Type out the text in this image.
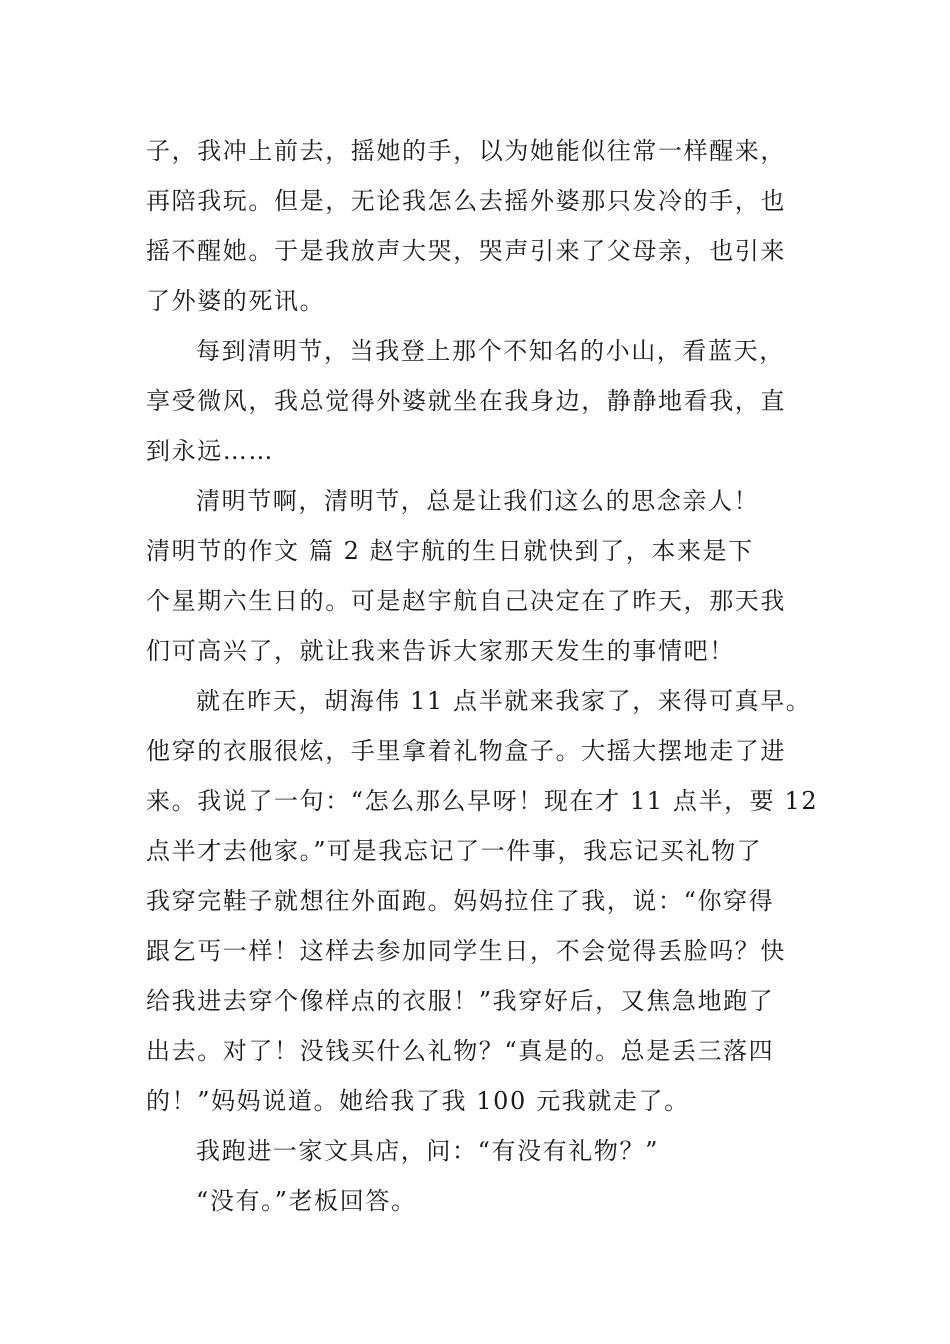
子，我冲上前去，摇她的手，以为她能似往常一样醒来，
再陪我玩。但是，无论我怎么去摇外婆那只发冷的手，也
摇不醒她。于是我放声大哭，哭声引来了父母亲，也引来
了外婆的死讯。
每到清明节，当我登上那个不知名的小山，看蓝天，
享受微风，我总觉得外婆就坐在我身边，静静地看我，直
到永远……
清明节啊，清明节，总是让我们这么的思念亲人！
清明节的作文 篇 2 赵宇航的生日就快到了，本来是下
个星期六生日的。可是赵宇航自己决定在了昨天，那天我
们可高兴了，就让我来告诉大家那天发生的事情吧！
就在昨天，胡海伟 11 点半就来我家了，来得可真早。
他穿的衣服很炫，手里拿着礼物盒子。大摇大摆地走了进
来。我说了一句：“怎么那么早呀！现在才 11 点半，要 12
点半才去他家。”可是我忘记了一件事，我忘记买礼物了
我穿完鞋子就想往外面跑。妈妈拉住了我，说：“你穿得
跟乞丐一样！这样去参加同学生日，不会觉得丢脸吗？快
给我进去穿个像样点的衣服！”我穿好后，又焦急地跑了
出去。对了！没钱买什么礼物？“真是的。总是丢三落四
的！”妈妈说道。她给我了我 100 元我就走了。
我跑进一家文具店，问：“有没有礼物？”
“没有。”老板回答。
